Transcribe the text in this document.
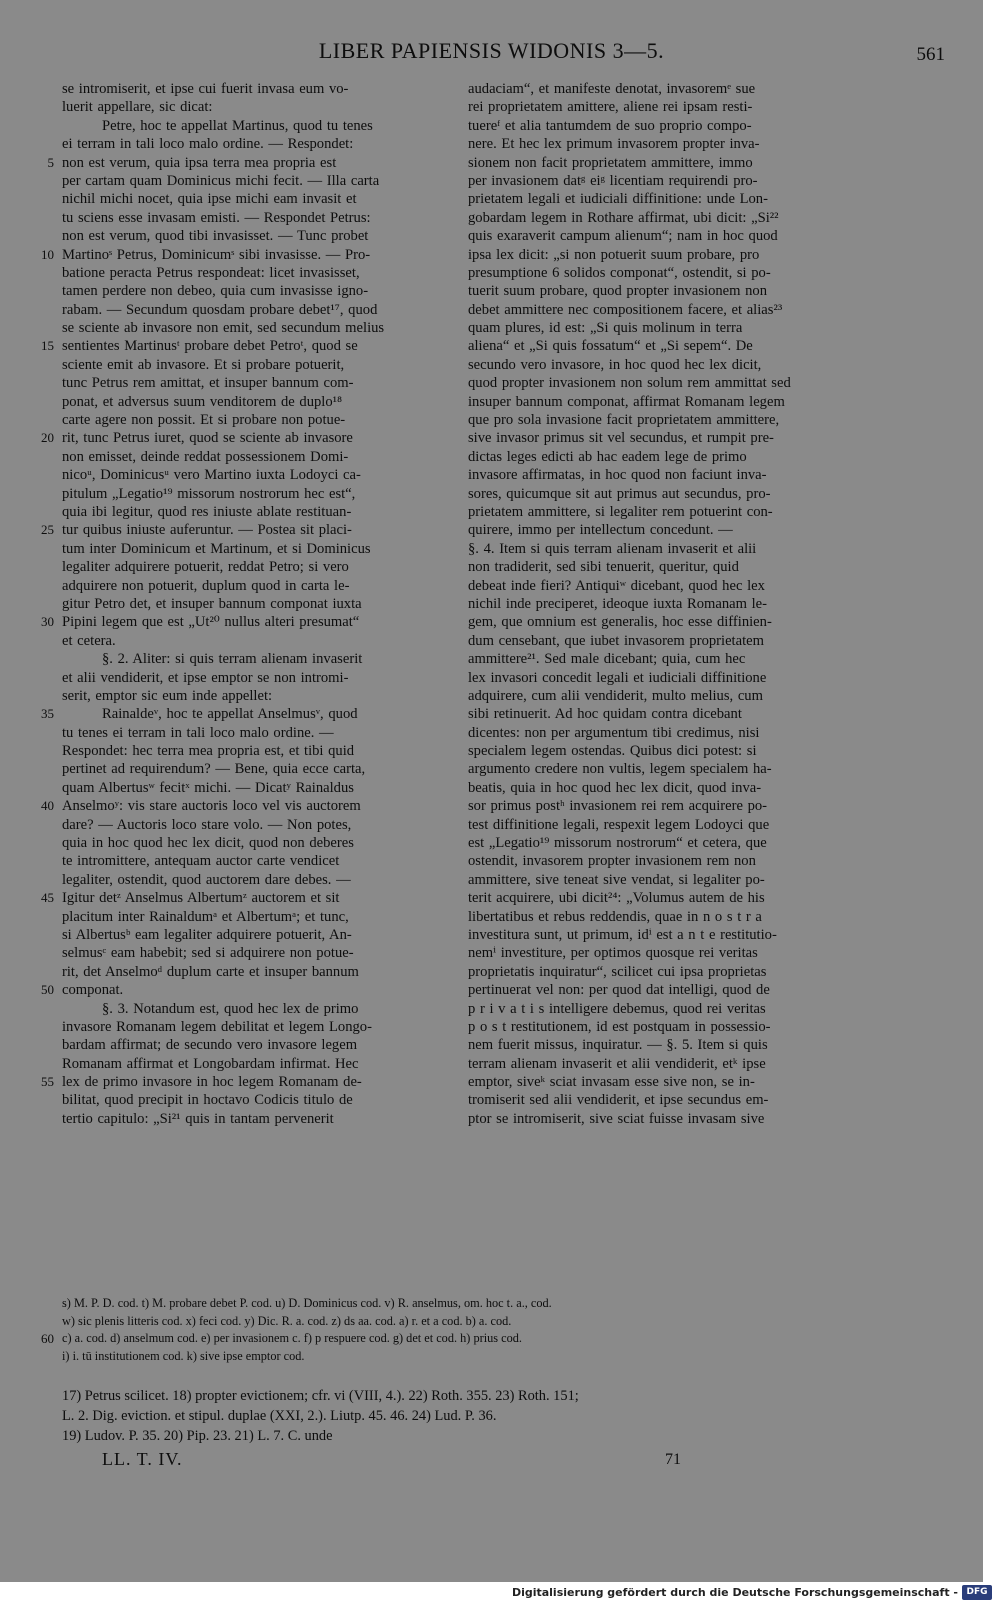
LIBER PAPIENSIS WIDONIS 3—5.	561
se intromiserit, et ipse cui fuerit invasa eum vo-
luerit appellare, sic dicat:
Petre, hoc te appellat Martinus, quod tu tenes
ei terram in tali loco malo ordine. — Respondet:
5 non est verum, quia ipsa terra mea propria est
per cartam quam Dominicus michi fecit. — Illa carta
nichil michi nocet, quia ipse michi eam invasit et
tu sciens esse invasam emisti. — Respondet Petrus:
non est verum, quod tibi invasisset. — Tunc probet
10 Martinoˢ Petrus, Dominicumˢ sibi invasisse. — Pro-
batione peracta Petrus respondeat: licet invasisset,
tamen perdere non debeo, quia cum invasisse igno-
rabam. — Secundum quosdam probare debet¹⁷, quod
se sciente ab invasore non emit, sed secundum melius
15 sentientes Martinusᵗ probare debet Petroᵗ, quod se
sciente emit ab invasore. Et si probare potuerit,
tunc Petrus rem amittat, et insuper bannum com-
ponat, et adversus suum venditorem de duplo¹⁸
carte agere non possit. Et si probare non potue-
20 rit, tunc Petrus iuret, quod se sciente ab invasore
non emisset, deinde reddat possessionem Domi-
nicoᵘ, Dominicusᵘ vero Martino iuxta Lodoyci ca-
pitulum „Legatio¹⁹ missorum nostrorum hec est“,
quia ibi legitur, quod res iniuste ablate restituan-
25 tur quibus iniuste auferuntur. — Postea sit placi-
tum inter Dominicum et Martinum, et si Dominicus
legaliter adquirere potuerit, reddat Petro; si vero
adquirere non potuerit, duplum quod in carta le-
gitur Petro det, et insuper bannum componat iuxta
30 Pipini legem que est „Ut²⁰ nullus alteri presumat“
et cetera.
§. 2. Aliter: si quis terram alienam invaserit
et alii vendiderit, et ipse emptor se non intromi-
serit, emptor sic eum inde appellet:
35	Rainaldeᵛ, hoc te appellat Anselmusᵛ, quod
tu tenes ei terram in tali loco malo ordine. —
Respondet: hec terra mea propria est, et tibi quid
pertinet ad requirendum? — Bene, quia ecce carta,
quam Albertusʷ fecitˣ michi. — Dicatʸ Rainaldus
40 Anselmoʸ: vis stare auctoris loco vel vis auctorem
dare? — Auctoris loco stare volo. — Non potes,
quia in hoc quod hec lex dicit, quod non deberes
te intromittere, antequam auctor carte vendicet
legaliter, ostendit, quod auctorem dare debes. —
45 Igitur detᶻ Anselmus Albertumᶻ auctorem et sit
placitum inter Rainaldumᵃ et Albertumᵃ; et tunc,
si Albertusᵇ eam legaliter adquirere potuerit, An-
selmusᶜ eam habebit; sed si adquirere non potue-
rit, det Anselmoᵈ duplum carte et insuper bannum
50 componat.
§. 3. Notandum est, quod hec lex de primo
invasore Romanam legem debilitat et legem Longo-
bardam affirmat; de secundo vero invasore legem
Romanam affirmat et Longobardam infirmat. Hec
55 lex de primo invasore in hoc legem Romanam de-
bilitat, quod precipit in hoctavo Codicis titulo de
tertio capitulo: „Si²¹ quis in tantam pervenerit
audaciam“, et manifeste denotat, invasoremᵉ sue
rei proprietatem amittere, aliene rei ipsam resti-
tuereᶠ et alia tantumdem de suo proprio compo-
nere. Et hec lex primum invasorem propter inva-
sionem non facit proprietatem ammittere, immo
per invasionem datᵍ eiᵍ licentiam requirendi pro-
prietatem legali et iudiciali diffinitione: unde Lon-
gobardam legem in Rothare affirmat, ubi dicit: „Si²²
quis exaraverit campum alienum“; nam in hoc quod
ipsa lex dicit: „si non potuerit suum probare, pro
presumptione 6 solidos componat“, ostendit, si po-
tuerit suum probare, quod propter invasionem non
debet ammittere nec compositionem facere, et alias²³
quam plures, id est: „Si quis molinum in terra
aliena“ et „Si quis fossatum“ et „Si sepem“. De
secundo vero invasore, in hoc quod hec lex dicit,
quod propter invasionem non solum rem ammittat sed
insuper bannum componat, affirmat Romanam legem
que pro sola invasione facit proprietatem ammittere,
sive invasor primus sit vel secundus, et rumpit pre-
dictas leges edicti ab hac eadem lege de primo
invasore affirmatas, in hoc quod non faciunt inva-
sores, quicumque sit aut primus aut secundus, pro-
prietatem ammittere, si legaliter rem potuerint con-
quirere, immo per intellectum concedunt. —
§. 4. Item si quis terram alienam invaserit et alii
non tradiderit, sed sibi tenuerit, queritur, quid
debeat inde fieri? Antiquiʷ dicebant, quod hec lex
nichil inde preciperet, ideoque iuxta Romanam le-
gem, que omnium est generalis, hoc esse diffinien-
dum censebant, que iubet invasorem proprietatem
ammittere²¹. Sed male dicebant; quia, cum hec
lex invasori concedit legali et iudiciali diffinitione
adquirere, cum alii vendiderit, multo melius, cum
sibi retinuerit. Ad hoc quidam contra dicebant
dicentes: non per argumentum tibi credimus, nisi
specialem legem ostendas. Quibus dici potest: si
argumento credere non vultis, legem specialem ha-
beatis, quia in hoc quod hec lex dicit, quod inva-
sor primus postʰ invasionem rei rem acquirere po-
test diffinitione legali, respexit legem Lodoyci que
est „Legatio¹⁹ missorum nostrorum“ et cetera, que
ostendit, invasorem propter invasionem rem non
ammittere, sive teneat sive vendat, si legaliter po-
terit acquirere, ubi dicit²⁴: „Volumus autem de his
libertatibus et rebus reddendis, quae in n o s t r a
investitura sunt, ut primum, idⁱ est a n t e restitutio-
nemⁱ investiture, per optimos quosque rei veritas
proprietatis inquiratur“, scilicet cui ipsa proprietas
pertinuerat vel non: per quod dat intelligi, quod de
p r i v a t i s intelligere debemus, quod rei veritas
p o s t restitutionem, id est postquam in possessio-
nem fuerit missus, inquiratur. — §. 5. Item si quis
terram alienam invaserit et alii vendiderit, etᵏ ipse
emptor, siveᵏ sciat invasam esse sive non, se in-
tromiserit sed alii vendiderit, et ipse secundus em-
ptor se intromiserit, sive sciat fuisse invasam sive
s) M. P. D. cod. t) M. probare debet P. cod. u) D. Dominicus cod. v) R. anselmus, om. hoc t. a., cod.
w) sic plenis litteris cod. x) feci cod. y) Dic. R. a. cod. z) ds aa. cod. a) r. et a cod. b) a. cod.
60 c) a. cod. d) anselmum cod. e) per invasionem c. f) p respuere cod. g) det et cod. h) prius cod.
i) i. tū institutionem cod. k) sive ipse emptor cod.
17) Petrus scilicet. 18) propter evictionem; cfr. vi (VIII, 4.). 22) Roth. 355. 23) Roth. 151;
L. 2. Dig. eviction. et stipul. duplae (XXI, 2.). Liutp. 45. 46. 24) Lud. P. 36.
19) Ludov. P. 35. 20) Pip. 23. 21) L. 7. C. unde
LL. T. IV.	71
Digitalisierung gefördert durch die Deutsche Forschungsgemeinschaft - DFG
